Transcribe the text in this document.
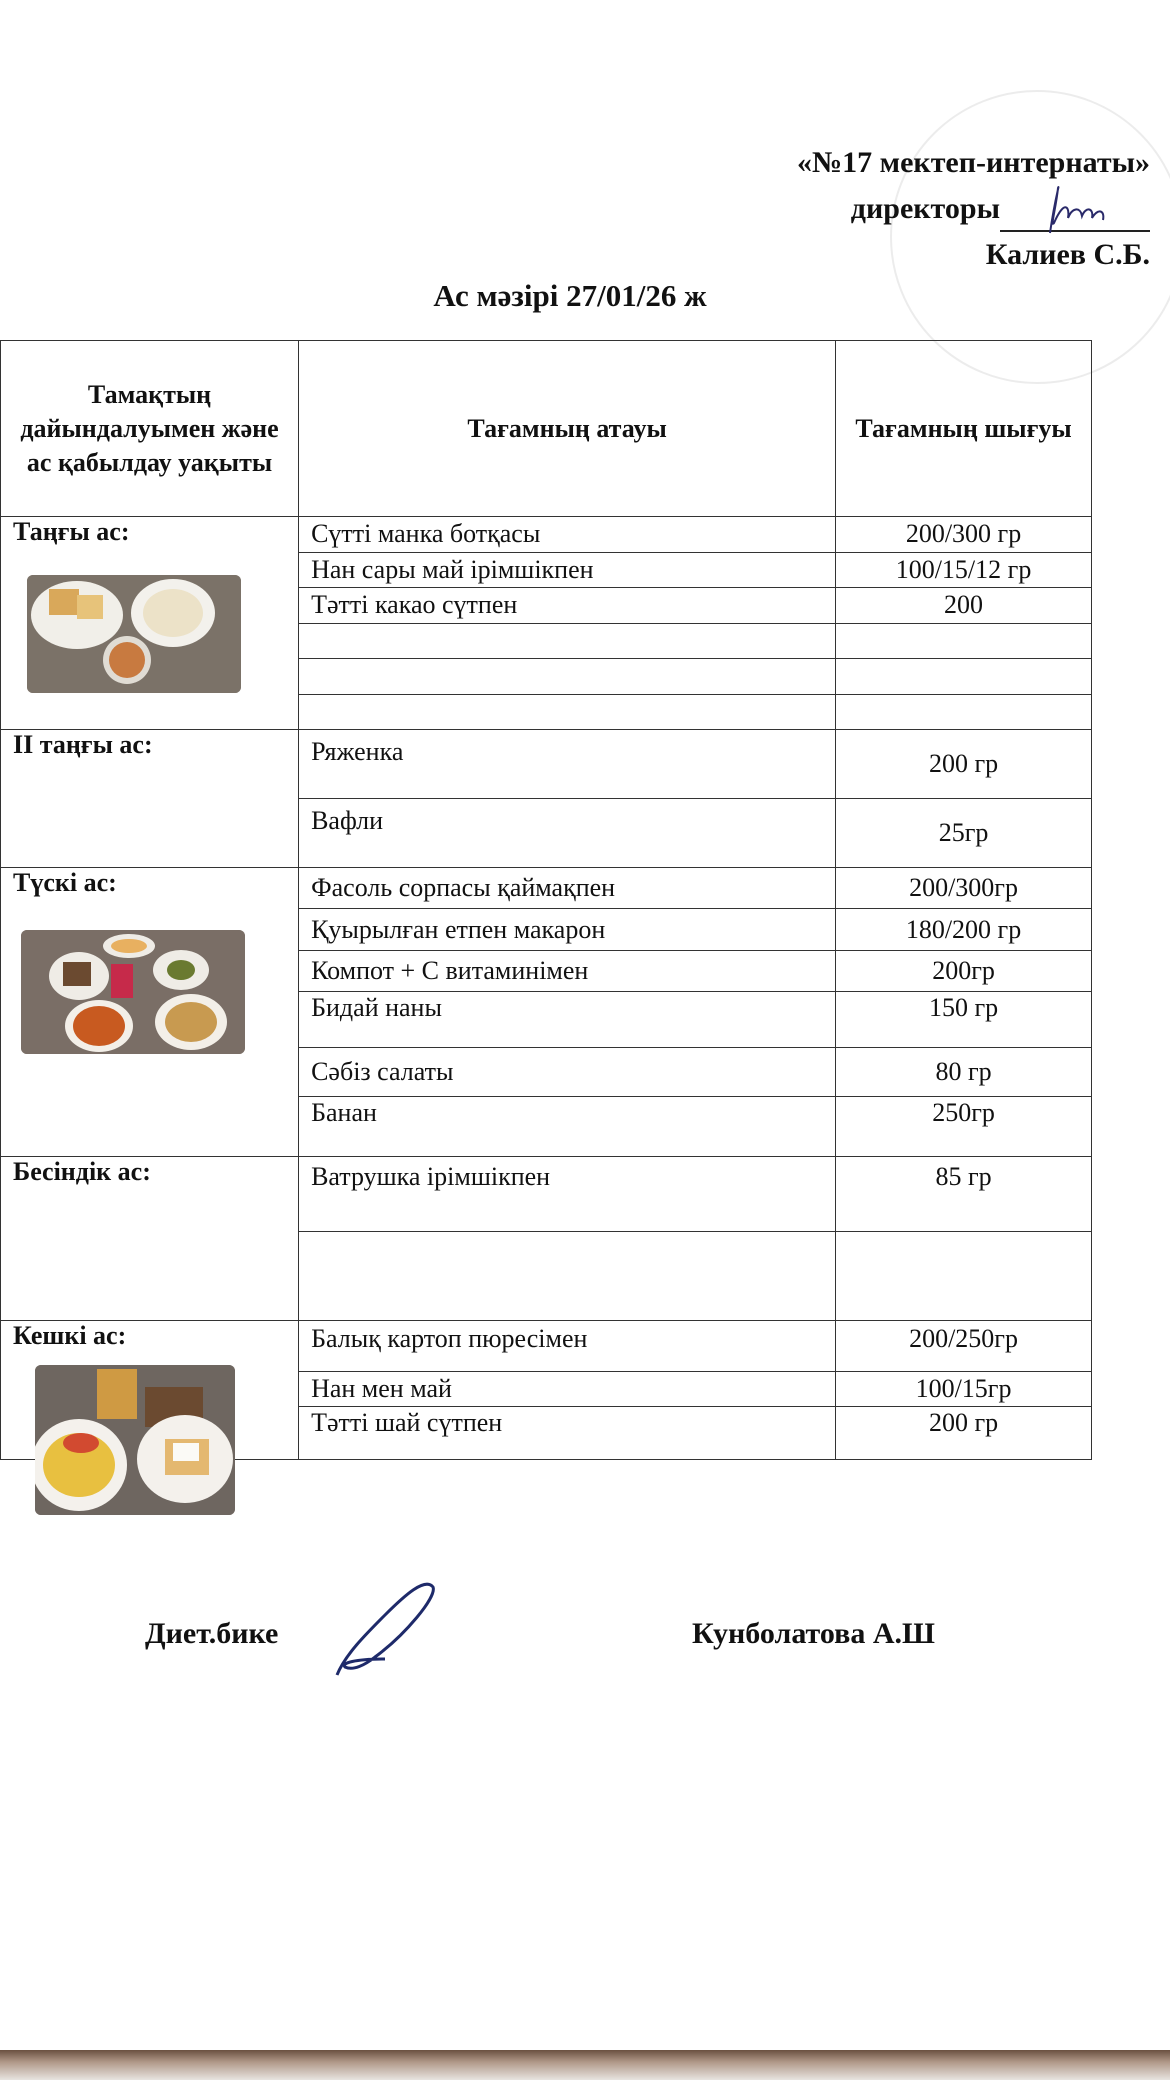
«№17 мектеп-интернаты»
директоры
Калиев С.Б.
Ас мәзірі 27/01/26 ж
Тамақтың дайындалуымен және ас қабылдау уақыты	Тағамның атауы	Тағамның шығуы

Таңғы ас:	Сүтті манка ботқасы	200/300 гр
	Нан сары май ірімшікпен	100/15/12 гр
	Тәтті какао сүтпен	200

ІІ таңғы ас:	Ряженка	200 гр
	Вафли	25гр

Түскі ас:	Фасоль сорпасы қаймақпен	200/300гр
	Қуырылған етпен макарон	180/200 гр
	Компот + С витаминімен	200гр
	Бидай наны	150 гр
	Сәбіз салаты	80 гр
	Банан	250гр

Бесіндік ас:	Ватрушка ірімшікпен	85 гр

Кешкі ас:	Балық картоп пюресімен	200/250гр
	Нан мен май	100/15гр
	Тәтті шай сүтпен	200 гр
Диет.бике	Кунболатова А.Ш
